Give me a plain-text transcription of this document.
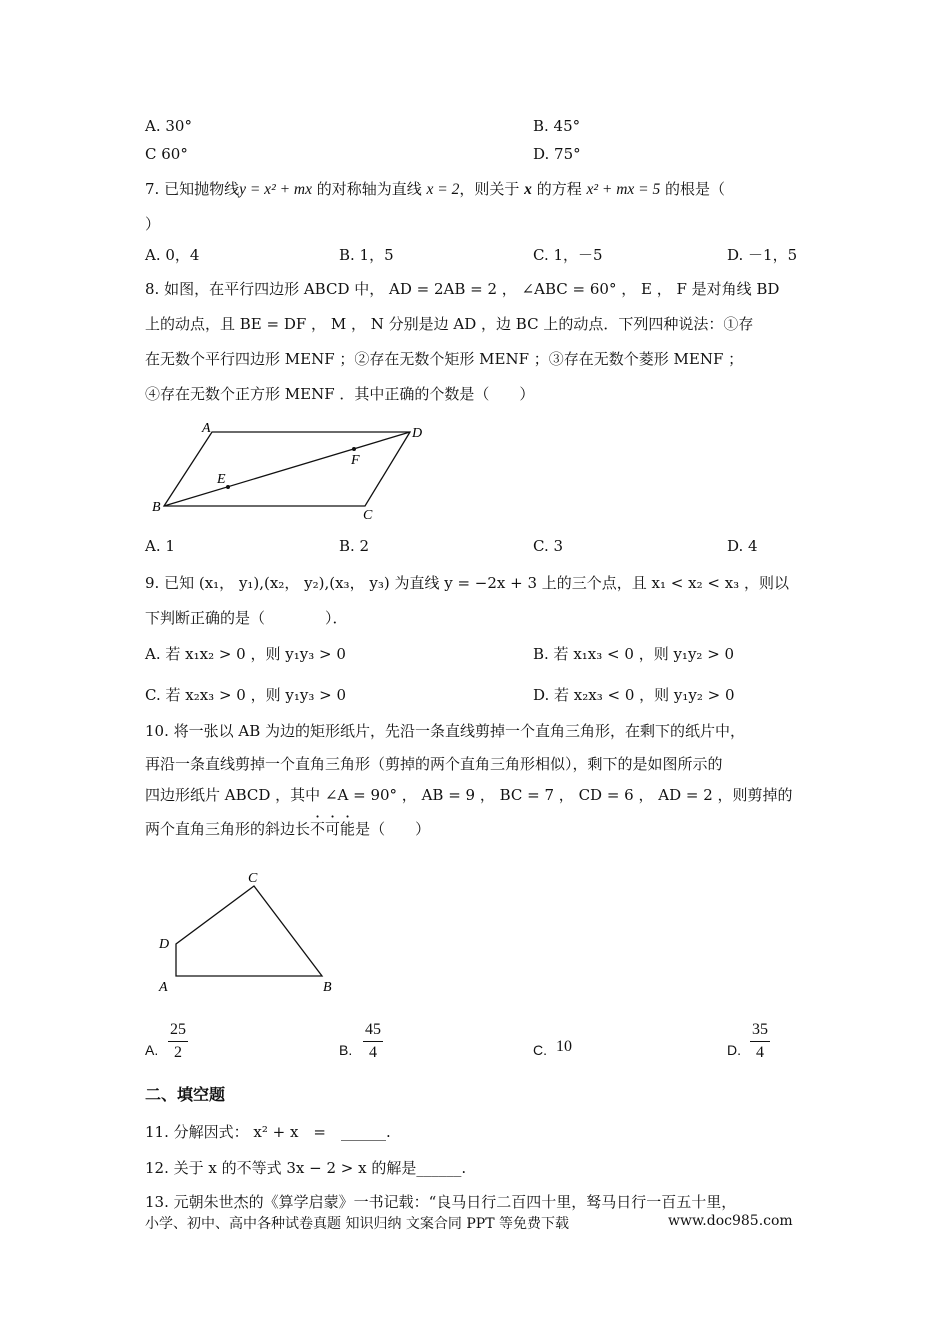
A. 30°	B. 45°
C 60°	D. 75°
7. 已知抛物线y = x² + mx 的对称轴为直线 x = 2，则关于 x 的方程 x² + mx = 5 的根是（
）
A. 0，4	B. 1，5	C. 1，－5	D. －1，5
8. 如图，在平行四边形 ABCD 中， AD = 2AB = 2 ， ∠ABC = 60° ， E ， F 是对角线 BD
上的动点，且 BE = DF ， M ， N 分别是边 AD ，边 BC 上的动点．下列四种说法：①存
在无数个平行四边形 MENF ；②存在无数个矩形 MENF ；③存在无数个菱形 MENF ；
④存在无数个正方形 MENF ．其中正确的个数是（　　）
A	D
B
C
E
F
A. 1	B. 2	C. 3	D. 4
9. 已知 (x₁， y₁),(x₂， y₂),(x₃， y₃) 为直线 y = −2x + 3 上的三个点，且 x₁ < x₂ < x₃ ，则以
下判断正确的是（　　　　）．
A. 若 x₁x₂ > 0 ，则 y₁y₃ > 0	B. 若 x₁x₃ < 0 ，则 y₁y₂ > 0
C. 若 x₂x₃ > 0 ，则 y₁y₃ > 0	D. 若 x₂x₃ < 0 ，则 y₁y₂ > 0
10. 将一张以 AB 为边的矩形纸片，先沿一条直线剪掉一个直角三角形，在剩下的纸片中，
再沿一条直线剪掉一个直角三角形（剪掉的两个直角三角形相似），剩下的是如图所示的
四边形纸片 ABCD ，其中 ∠A = 90° ， AB = 9 ， BC = 7 ， CD = 6 ， AD = 2 ，则剪掉的
两个直角三角形的斜边长不可能是（　　）
C
D
A	B
A. $\frac{25}{2}$	B. $\frac{45}{4}$	C. 10	D. $\frac{35}{4}$
二、填空题
11. 分解因式： x² + x　=　______.
12. 关于 x 的不等式 3x − 2 > x 的解是______.
13. 元朝朱世杰的《算学启蒙》一书记载：“良马日行二百四十里，驽马日行一百五十里，
小学、初中、高中各种试卷真题 知识归纳 文案合同 PPT 等免费下载	www.doc985.com
